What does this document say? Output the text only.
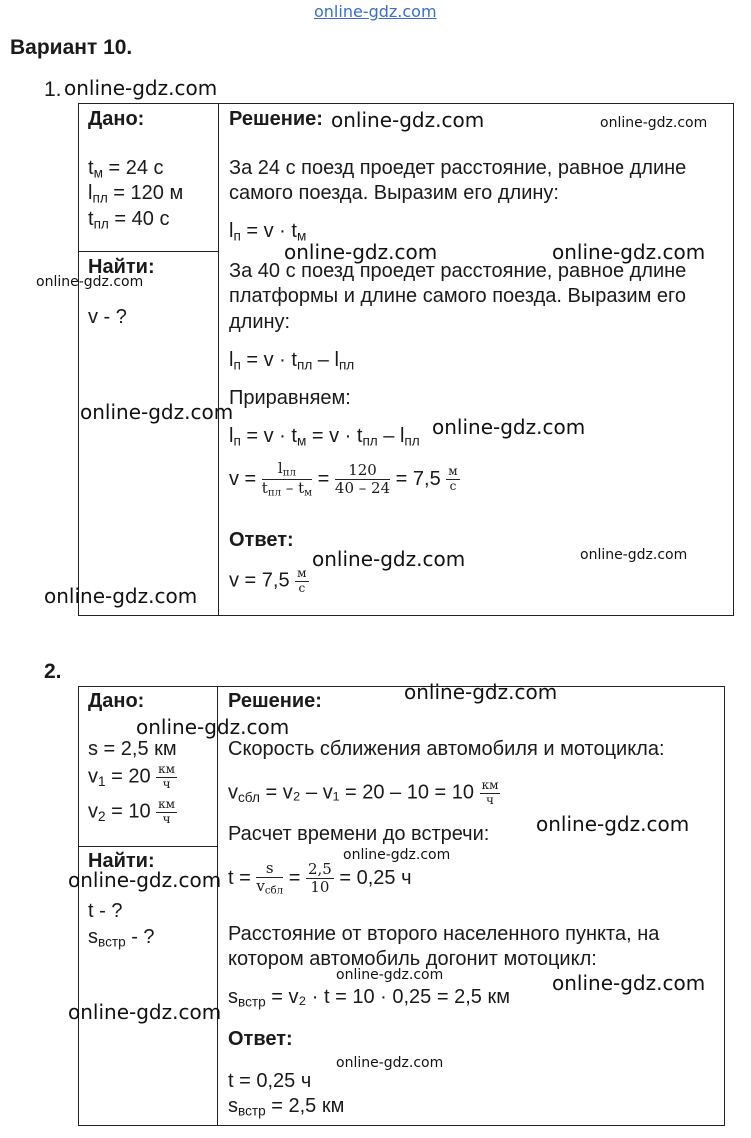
online-gdz.com
Вариант 10.
1.
Дано:
$t_м = 24$ с
$l_{пл} = 120$ м
$t_{пл} = 40$ с
Найти:
v - ?
Решение:
За 24 с поезд проедет расстояние, равное длине
самого поезда. Выразим его длину:
$l_п = v \cdot t_м$
За 40 с поезд проедет расстояние, равное длине
платформы и длине самого поезда. Выразим его
длину:
$l_п = v \cdot t_{пл} - l_{пл}$
Приравняем:
$l_п = v \cdot t_м = v \cdot t_{пл} - l_{пл}$
$v = \frac{l_{пл}}{t_{пл} - t_м} = \frac{120}{40 - 24} = 7,5 \frac{м}{с}$
Ответ:
$v = 7,5 \frac{м}{с}$
2.
Дано:
s = 2,5 км
$v_1 = 20 \frac{км}{ч}$
$v_2 = 10 \frac{км}{ч}$
Найти:
t - ?
$s_{встр}$ - ?
Решение:
Скорость сближения автомобиля и мотоцикла:
$v_{сбл} = v_2 - v_1 = 20 - 10 = 10 \frac{км}{ч}$
Расчет времени до встречи:
$t = \frac{s}{v_{сбл}} = \frac{2,5}{10} = 0,25$ ч
Расстояние от второго населенного пункта, на
котором автомобиль догонит мотоцикл:
$s_{встр} = v_2 \cdot t = 10 \cdot 0,25 = 2,5$ км
Ответ:
t = 0,25 ч
$s_{встр} = 2,5$ км
online-gdz.com
online-gdz.com	online-gdz.com
online-gdz.com	online-gdz.com
online-gdz.com
online-gdz.com
online-gdz.com
online-gdz.com	online-gdz.com
online-gdz.com
online-gdz.com
online-gdz.com
online-gdz.com
online-gdz.com
online-gdz.com
online-gdz.com	online-gdz.com
online-gdz.com
online-gdz.com
